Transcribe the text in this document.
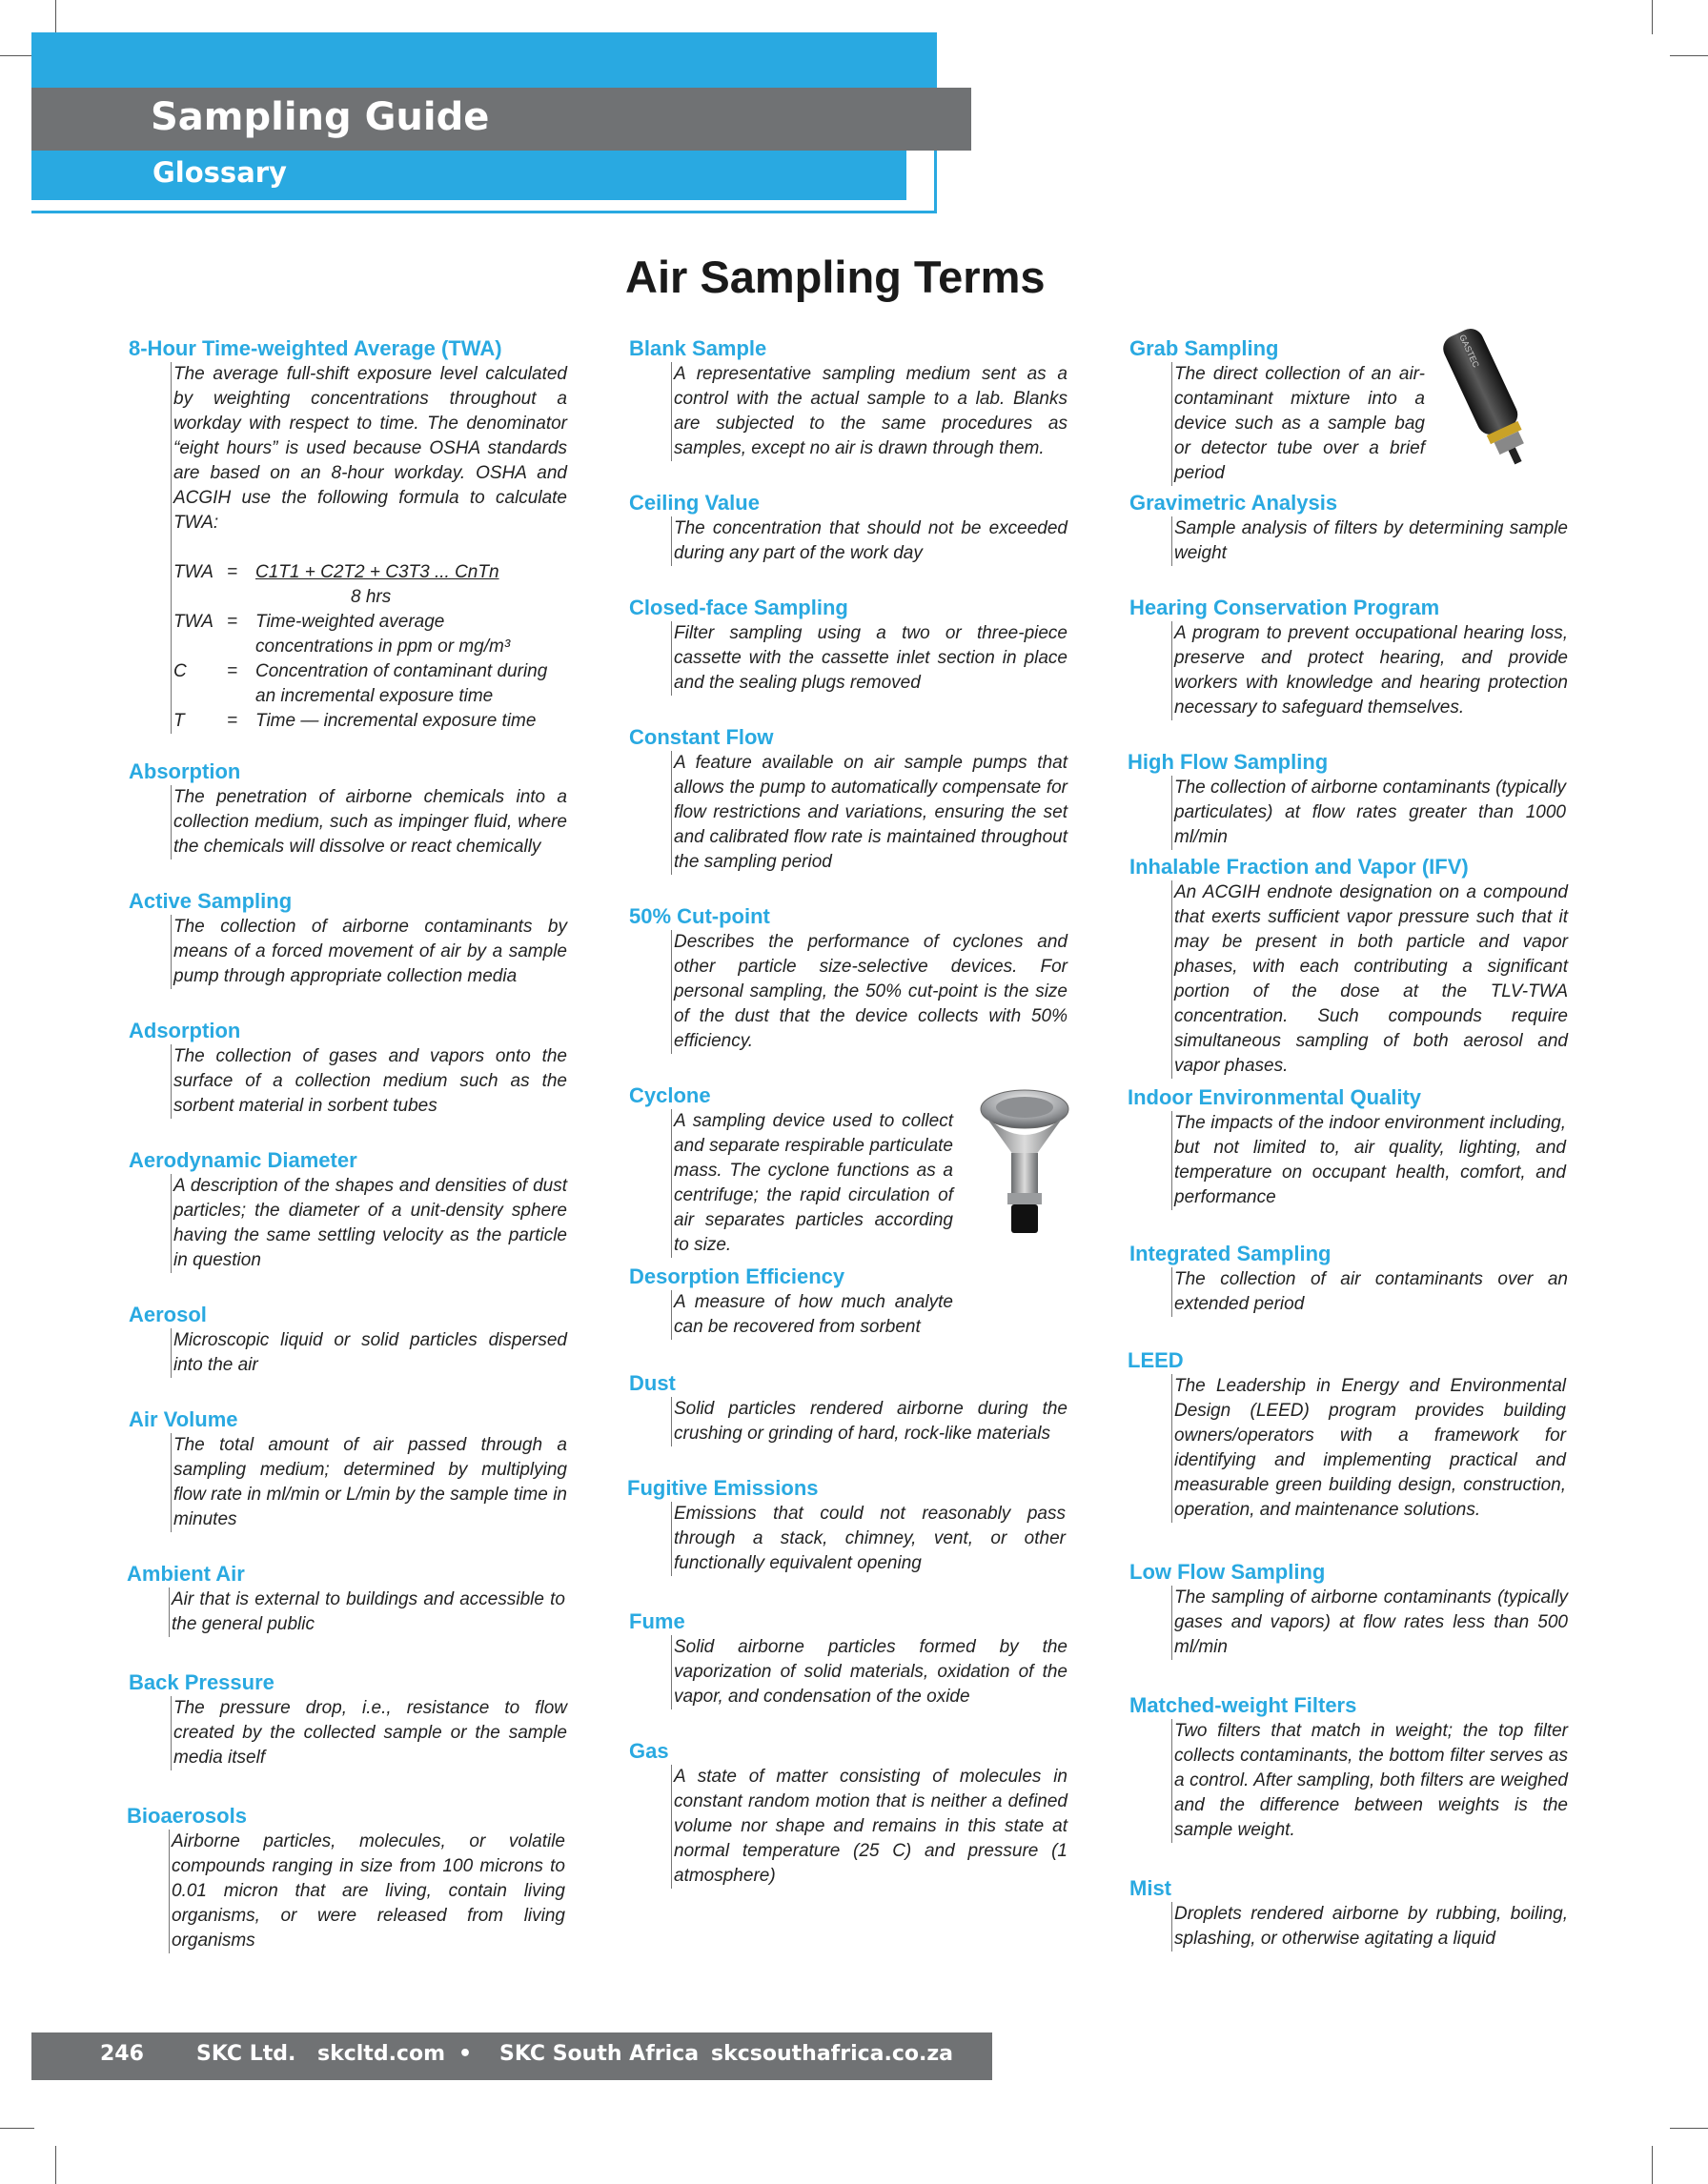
Sampling Guide
Glossary
Air Sampling Terms
8-Hour Time-weighted Average (TWA)

The average full-shift exposure level calculated by weighting concentrations throughout a workday with respect to time. The denominator “eight hours” is used because OSHA standards are based on an 8-hour workday. OSHA and ACGIH use the following formula to calculate TWA:

TWA = C1T1 + C2T2 + C3T3 ... CnTn
8 hrs
TWA = Time-weighted average concentrations in ppm or mg/m³
C	= Concentration of contaminant during an incremental exposure time
T	= Time — incremental exposure time
Absorption

The penetration of airborne chemicals into a collection medium, such as impinger fluid, where the chemicals will dissolve or react chemically

Active Sampling

The collection of airborne contaminants by means of a forced movement of air by a sample pump through appropriate collection media

Adsorption

The collection of gases and vapors onto the surface of a collection medium such as the sorbent material in sorbent tubes

Aerodynamic Diameter

A description of the shapes and densities of dust particles; the diameter of a unit-density sphere having the same settling velocity as the particle in question

Aerosol

Microscopic liquid or solid particles dispersed into the air

Air Volume

The total amount of air passed through a sampling medium; determined by multiplying flow rate in ml/min or L/min by the sample time in minutes

Ambient Air

Air that is external to buildings and accessible to the general public

Back Pressure

The pressure drop, i.e., resistance to flow created by the collected sample or the sample media itself

Bioaerosols

Airborne particles, molecules, or volatile compounds ranging in size from 100 microns to 0.01 micron that are living, contain living organisms, or were released from living organisms

Blank Sample

A representative sampling medium sent as a control with the actual sample to a lab. Blanks are subjected to the same procedures as samples, except no air is drawn through them.

Ceiling Value

The concentration that should not be exceeded during any part of the work day

Closed-face Sampling

Filter sampling using a two or three-piece cassette with the cassette inlet section in place and the sealing plugs removed

Constant Flow

A feature available on air sample pumps that allows the pump to automatically compensate for flow restrictions and variations, ensuring the set and calibrated flow rate is maintained throughout the sampling period

50% Cut-point

Describes the performance of cyclones and other particle size-selective devices. For personal sampling, the 50% cut-point is the size of the dust that the device collects with 50% efficiency.

Cyclone

A sampling device used to collect and separate respirable particulate mass. The cyclone functions as a centrifuge; the rapid circulation of air separates particles according to size.

Desorption Efficiency

A measure of how much analyte can be recovered from sorbent

Dust

Solid particles rendered airborne during the crushing or grinding of hard, rock-like materials

Fugitive Emissions

Emissions that could not reasonably pass through a stack, chimney, vent, or other functionally equivalent opening

Fume

Solid airborne particles formed by the vaporization of solid materials, oxidation of the vapor, and condensation of the oxide

Gas

A state of matter consisting of molecules in constant random motion that is neither a defined volume nor shape and remains in this state at normal temperature (25 C) and pressure (1 atmosphere)

Grab Sampling

The direct collection of an air-contaminant mixture into a device such as a sample bag or detector tube over a brief period

Gravimetric Analysis

Sample analysis of filters by determining sample weight

Hearing Conservation Program

A program to prevent occupational hearing loss, preserve and protect hearing, and provide workers with knowledge and hearing protection necessary to safeguard themselves.

High Flow Sampling

The collection of airborne contaminants (typically particulates) at flow rates greater than 1000 ml/min

Inhalable Fraction and Vapor (IFV)

An ACGIH endnote designation on a compound that exerts sufficient vapor pressure such that it may be present in both particle and vapor phases, with each contributing a significant portion of the dose at the TLV-TWA concentration. Such compounds require simultaneous sampling of both aerosol and vapor phases.

Indoor Environmental Quality

The impacts of the indoor environment including, but not limited to, air quality, lighting, and temperature on occupant health, comfort, and performance

Integrated Sampling

The collection of air contaminants over an extended period

LEED

The Leadership in Energy and Environmental Design (LEED) program provides building owners/operators with a framework for identifying and implementing practical and measurable green building design, construction, operation, and maintenance solutions.

Low Flow Sampling

The sampling of airborne contaminants (typically gases and vapors) at flow rates less than 500 ml/min

Matched-weight Filters

Two filters that match in weight; the top filter collects contaminants, the bottom filter serves as a control. After sampling, both filters are weighed and the difference between weights is the sample weight.

Mist

Droplets rendered airborne by rubbing, boiling, splashing, or otherwise agitating a liquid

GASTEC
246	SKC Ltd. skcltd.com • SKC South Africa skcsouthafrica.co.za
